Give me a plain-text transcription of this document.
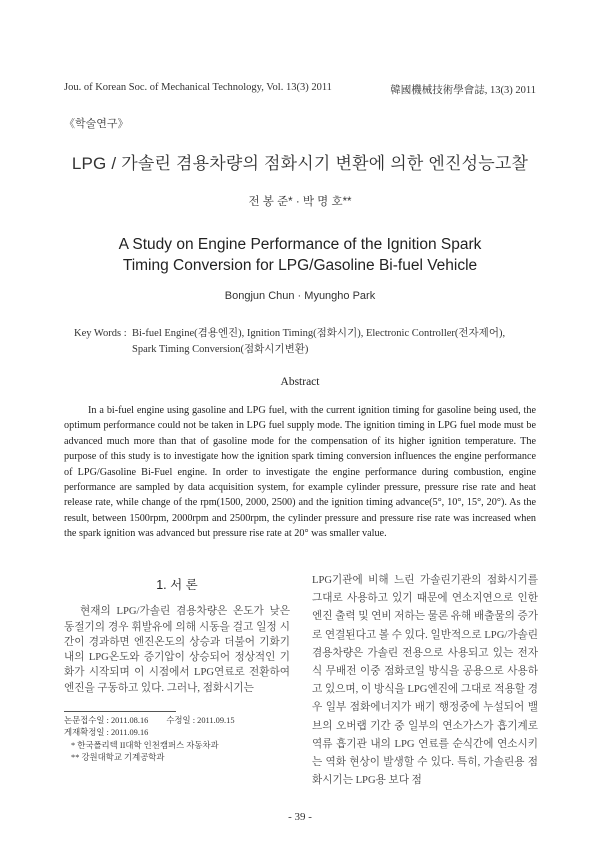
Jou. of Korean Soc. of Mechanical Technology, Vol. 13(3) 2011	韓國機械技術學會誌, 13(3) 2011
《학술연구》
LPG / 가솔린 겸용차량의 점화시기 변환에 의한 엔진성능고찰
전 봉 준* · 박 명 호**
A Study on Engine Performance of the Ignition Spark
Timing Conversion for LPG/Gasoline Bi-fuel Vehicle
Bongjun Chun · Myungho Park
Key Words : Bi-fuel Engine(겸용엔진), Ignition Timing(점화시기), Electronic Controller(전자제어),
Spark Timing Conversion(점화시기변환)
Abstract
In a bi-fuel engine using gasoline and LPG fuel, with the current ignition timing for gasoline being used, the optimum performance could not be taken in LPG fuel supply mode. The ignition timing in LPG fuel mode must be advanced much more than that of gasoline mode for the compensation of its higher ignition temperature. The purpose of this study is to investigate how the ignition spark timing conversion influences the engine performance of LPG/Gasoline Bi-Fuel engine. In order to investigate the engine performance during combustion, engine performance are sampled by data acquisition system, for example cylinder pressure, pressure rise rate and heat release rate, while change of the rpm(1500, 2000, 2500) and the ignition timing advance(5°, 10°, 15°, 20°). As the result, between 1500rpm, 2000rpm and 2500rpm, the cylinder pressure and pressure rise rate was increased when the spark ignition was advanced but pressure rise rate at 20° was smaller value.
1. 서 론
현재의 LPG/가솔린 겸용차량은 온도가 낮은 동절기의 경우 휘발유에 의해 시동을 걸고 일정 시간이 경과하면 엔진온도의 상승과 더불어 기화기내의 LPG온도와 증기압이 상승되어 정상적인 기화가 시작되며 이 시점에서 LPG연료로 전환하여 엔진을 구동하고 있다. 그러나, 점화시기는
LPG기관에 비해 느린 가솔린기관의 점화시기를 그대로 사용하고 있기 때문에 연소지연으로 인한 엔진 출력 및 연비 저하는 물론 유해 배출물의 증가로 연결된다고 볼 수 있다. 일반적으로 LPG/가솔린 겸용차량은 가솔린 전용으로 사용되고 있는 전자식 무배전 이중 점화코일 방식을 공용으로 사용하고 있으며, 이 방식을 LPG엔진에 그대로 적용할 경우 일부 점화에너지가 배기 행정중에 누설되어 밸브의 오버랩 기간 중 일부의 연소가스가 흡기계로 역류 흡기관 내의 LPG 연료를 순식간에 연소시키는 역화 현상이 발생할 수 있다. 특히, 가솔린용 점화시기는 LPG용 보다 점
논문접수일 : 2011.08.16 수정일 : 2011.09.15
게재확정일 : 2011.09.16
* 한국폴리텍 II대학 인천캠퍼스 자동차과
** 강원대학교 기계공학과
- 39 -
